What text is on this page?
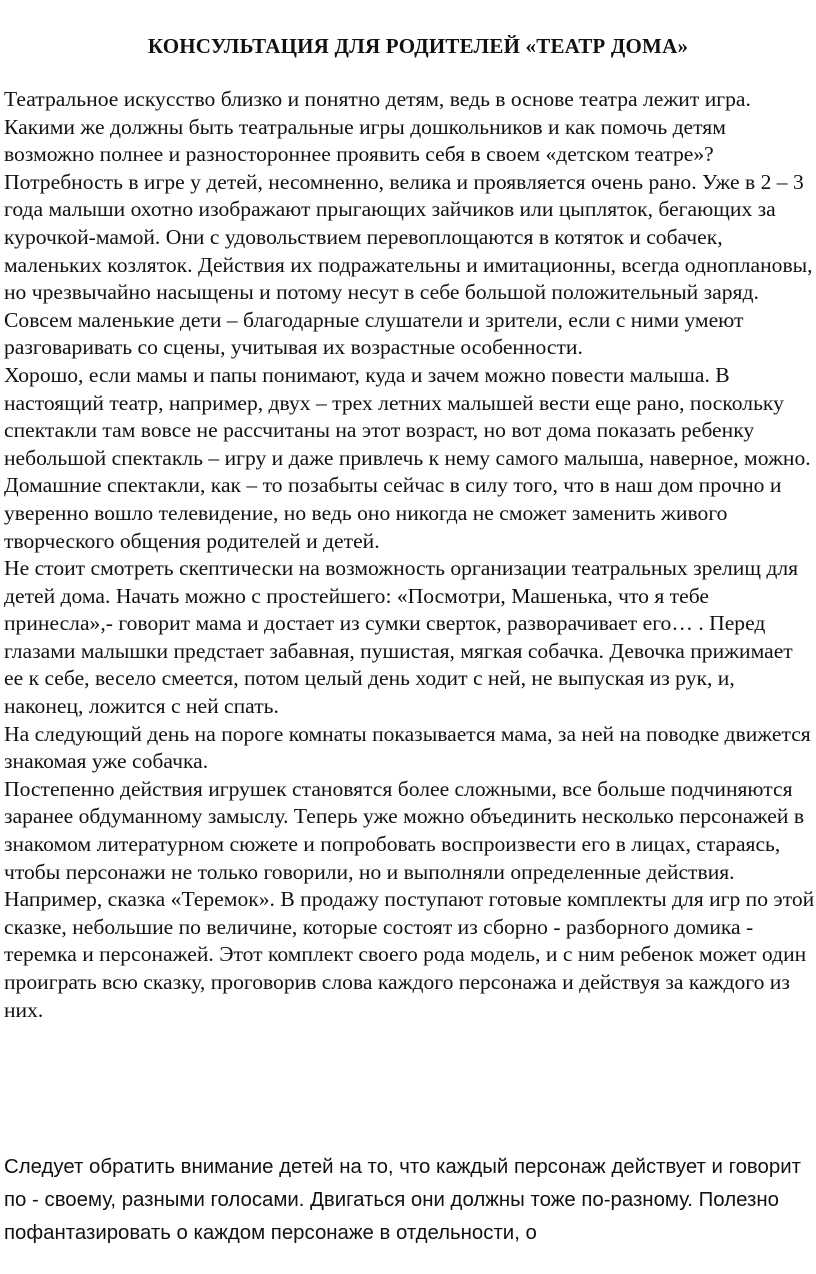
КОНСУЛЬТАЦИЯ ДЛЯ РОДИТЕЛЕЙ «ТЕАТР ДОМА»

Театральное искусство близко и понятно детям, ведь в основе театра лежит игра.

Какими же должны быть театральные игры дошкольников и как помочь детям возможно полнее и разностороннее проявить себя в своем «детском театре»?

Потребность в игре у детей, несомненно, велика и проявляется очень рано. Уже в 2 – 3 года малыши охотно изображают прыгающих зайчиков или цыпляток, бегающих за курочкой-мамой. Они с удовольствием перевоплощаются в котяток и собачек, маленьких козляток. Действия их подражательны и имитационны, всегда одноплановы, но чрезвычайно насыщены и потому несут в себе большой положительный заряд.

Совсем маленькие дети – благодарные слушатели и зрители, если с ними умеют разговаривать со сцены, учитывая их возрастные особенности.

Хорошо, если мамы и папы понимают, куда и зачем можно повести малыша. В настоящий театр, например, двух – трех летних малышей вести еще рано, поскольку спектакли там вовсе не рассчитаны на этот возраст, но вот дома показать ребенку небольшой спектакль – игру и даже привлечь к нему самого малыша, наверное, можно. Домашние спектакли, как – то позабыты сейчас в силу того, что в наш дом прочно и уверенно вошло телевидение, но ведь оно никогда не сможет заменить живого творческого общения родителей и детей.

Не стоит смотреть скептически на возможность организации театральных зрелищ для детей дома. Начать можно с простейшего: «Посмотри, Машенька, что я тебе принесла»,- говорит мама и достает из сумки сверток, разворачивает его… . Перед глазами малышки предстает забавная, пушистая, мягкая собачка. Девочка прижимает ее к себе, весело смеется, потом целый день ходит с ней, не выпуская из рук, и, наконец, ложится с ней спать.

На следующий день на пороге комнаты показывается мама, за ней на поводке движется знакомая уже собачка.

Постепенно действия игрушек становятся более сложными, все больше подчиняются заранее обдуманному замыслу. Теперь уже можно объединить несколько персонажей в знакомом литературном сюжете и попробовать воспроизвести его в лицах, стараясь, чтобы персонажи не только говорили, но и выполняли определенные действия. Например, сказка «Теремок». В продажу поступают готовые комплекты для игр по этой сказке, небольшие по величине, которые состоят из сборно - разборного домика - теремка и персонажей. Этот комплект своего рода модель, и с ним ребенок может один проиграть всю сказку, проговорив слова каждого персонажа и действуя за каждого из них.

Следует обратить внимание детей на то, что каждый персонаж действует и говорит по - своему, разными голосами. Двигаться они должны тоже по-разному. Полезно пофантазировать о каждом персонаже в отдельности, о
